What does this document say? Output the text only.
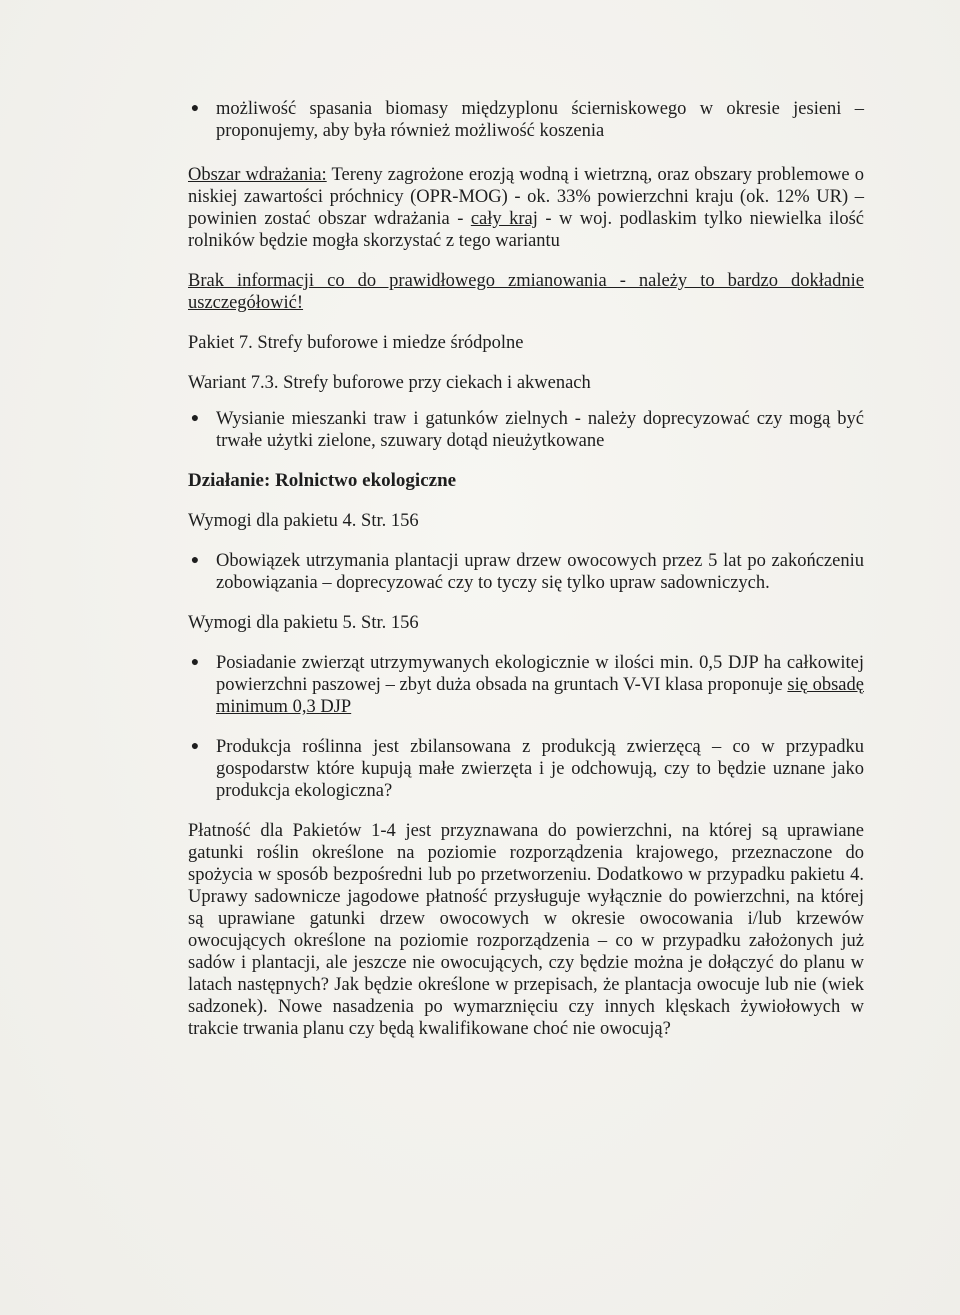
● możliwość spasania biomasy międzyplonu ścierniskowego w okresie jesieni – proponujemy, aby była również możliwość koszenia

Obszar wdrażania: Tereny zagrożone erozją wodną i wietrzną, oraz obszary problemowe o niskiej zawartości próchnicy (OPR-MOG) - ok. 33% powierzchni kraju (ok. 12% UR) – powinien zostać obszar wdrażania - cały kraj - w woj. podlaskim tylko niewielka ilość rolników będzie mogła skorzystać z tego wariantu

Brak informacji co do prawidłowego zmianowania - należy to bardzo dokładnie uszczegółowić!

Pakiet 7. Strefy buforowe i miedze śródpolne

Wariant 7.3. Strefy buforowe przy ciekach i akwenach

● Wysianie mieszanki traw i gatunków zielnych - należy doprecyzować czy mogą być trwałe użytki zielone, szuwary dotąd nieużytkowane

Działanie: Rolnictwo ekologiczne

Wymogi dla pakietu 4. Str. 156

● Obowiązek utrzymania plantacji upraw drzew owocowych przez 5 lat po zakończeniu zobowiązania – doprecyzować czy to tyczy się tylko upraw sadowniczych.

Wymogi dla pakietu 5. Str. 156

● Posiadanie zwierząt utrzymywanych ekologicznie w ilości min. 0,5 DJP ha całkowitej powierzchni paszowej – zbyt duża obsada na gruntach V-VI klasa proponuje się obsadę minimum 0,3 DJP

● Produkcja roślinna jest zbilansowana z produkcją zwierzęcą – co w przypadku gospodarstw które kupują małe zwierzęta i je odchowują, czy to będzie uznane jako produkcja ekologiczna?

Płatność dla Pakietów 1-4 jest przyznawana do powierzchni, na której są uprawiane gatunki roślin określone na poziomie rozporządzenia krajowego, przeznaczone do spożycia w sposób bezpośredni lub po przetworzeniu. Dodatkowo w przypadku pakietu 4. Uprawy sadownicze jagodowe płatność przysługuje wyłącznie do powierzchni, na której są uprawiane gatunki drzew owocowych w okresie owocowania i/lub krzewów owocujących określone na poziomie rozporządzenia – co w przypadku założonych już sadów i plantacji, ale jeszcze nie owocujących, czy będzie można je dołączyć do planu w latach następnych? Jak będzie określone w przepisach, że plantacja owocuje lub nie (wiek sadzonek). Nowe nasadzenia po wymarznięciu czy innych klęskach żywiołowych w trakcie trwania planu czy będą kwalifikowane choć nie owocują?
